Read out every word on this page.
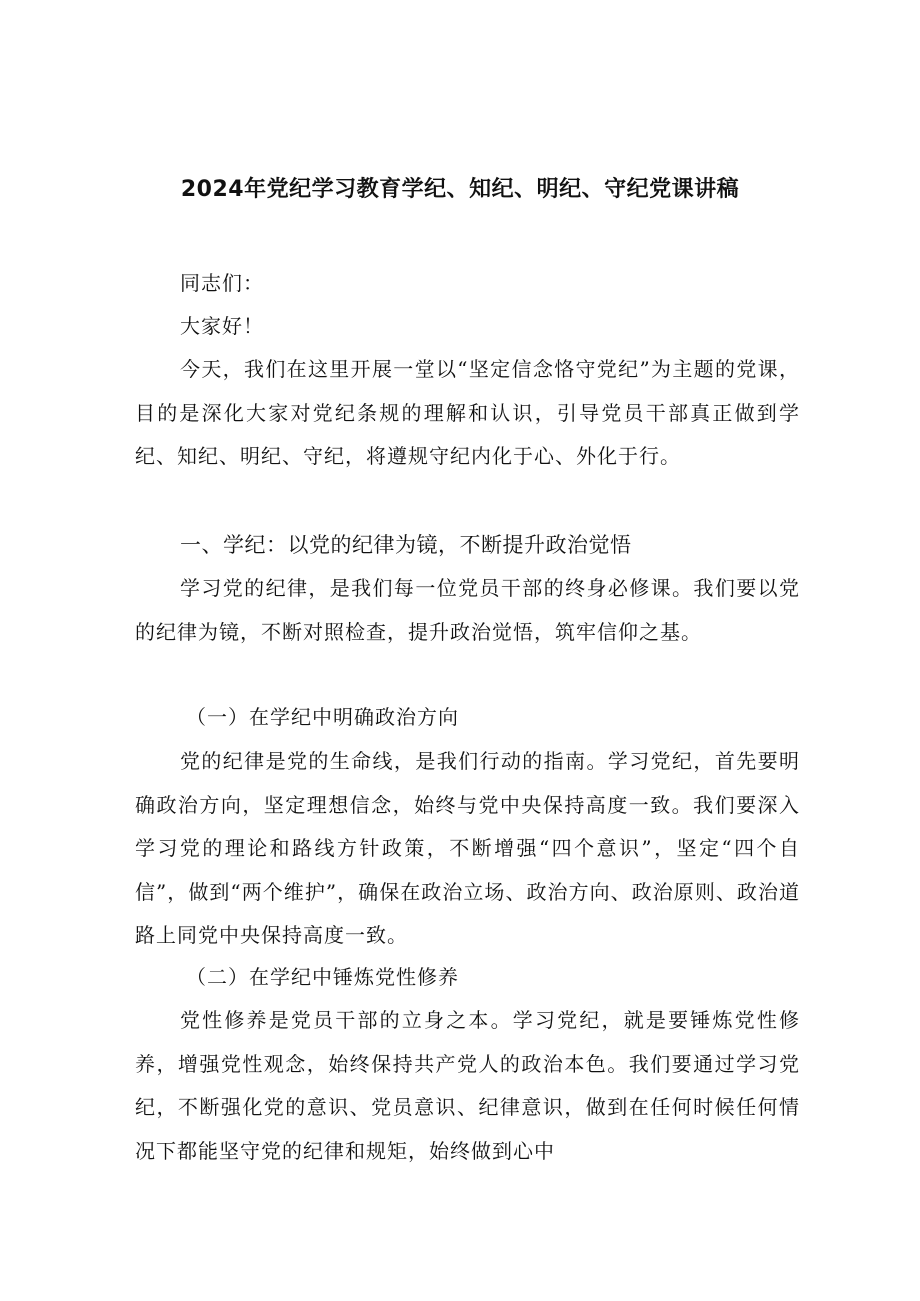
2024年党纪学习教育学纪、知纪、明纪、守纪党课讲稿
同志们：
大家好！
今天，我们在这里开展一堂以“坚定信念恪守党纪”为主题的党课，目的是深化大家对党纪条规的理解和认识，引导党员干部真正做到学纪、知纪、明纪、守纪，将遵规守纪内化于心、外化于行。
一、学纪：以党的纪律为镜，不断提升政治觉悟
学习党的纪律，是我们每一位党员干部的终身必修课。我们要以党的纪律为镜，不断对照检查，提升政治觉悟，筑牢信仰之基。
（一）在学纪中明确政治方向
党的纪律是党的生命线，是我们行动的指南。学习党纪，首先要明确政治方向，坚定理想信念，始终与党中央保持高度一致。我们要深入学习党的理论和路线方针政策，不断增强“四个意识”，坚定“四个自信”，做到“两个维护”，确保在政治立场、政治方向、政治原则、政治道路上同党中央保持高度一致。
（二）在学纪中锤炼党性修养
党性修养是党员干部的立身之本。学习党纪，就是要锤炼党性修养，增强党性观念，始终保持共产党人的政治本色。我们要通过学习党纪，不断强化党的意识、党员意识、纪律意识，做到在任何时候任何情况下都能坚守党的纪律和规矩，始终做到心中
